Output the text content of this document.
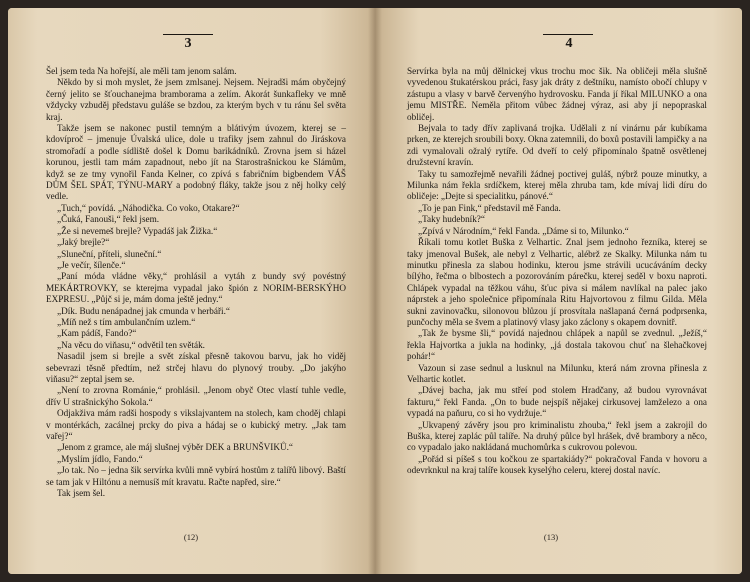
3

Šel jsem teda Na hořejší, ale měli tam jenom salám.

Někdo by si moh myslet, že jsem zmlsanej. Nejsem. Nejradši mám obyčejný černý jelito se šťouchanejma bramborama a zelím. Akorát šunkafleky ve mně vždycky vzbuděj představu guláše se bzdou, za kterým bych v tu ránu šel světa kraj.

Takže jsem se nakonec pustil temným a blátivým úvozem, kterej se – kdovíproč – jmenuje Úvalská ulice, dole u trafiky jsem zahnul do Jiráskova stromořadí a podle sídliště došel k Domu barikádníků. Zrovna jsem si házel korunou, jestli tam mám zapadnout, nebo jít na Starostrašnickou ke Slámům, když se ze tmy vynořil Fanda Kelner, co zpívá s fabričním bigbendem VÁŠ DŮM ŠEL SPÁT, TÝNU-MARY a podobný fláky, takže jsou z něj holky celý vedle.

„Tuch,“ povídá. „Náhodička. Co voko, Otakare?“

„Čuká, Fanouši,“ řekl jsem.

„Že si nevemeš brejle? Vypadáš jak Žižka.“

„Jaký brejle?“

„Sluneční, příteli, sluneční.“

„Je večír, šílenče.“

„Paní móda vládne věky,“ prohlásil a vytáh z bundy svý povéstný MEKÁRTROVKY, se kterejma vypadal jako špión z NORIM-BERSKÝHO EXPRESU. „Půjč si je, mám doma ještě jedny.“

„Dík. Budu nenápadnej jak cmunda v herbáři.“

„Míň než s tím ambulančním uzlem.“

„Kam pádíš, Fando?“

„Na věcu do viňasu,“ odvětil ten světák.

Nasadil jsem si brejle a svět získal přesně takovou barvu, jak ho viděj sebevrazi těsně předtím, než strčej hlavu do plynový trouby. „Do jakýho viňasu?“ zeptal jsem se.

„Není to zrovna Romániе,“ prohlásil. „Jenom obyč Otec vlastí tuhle vedle, dřív U strašnickýho Sokola.“

Odjakživa mám radši hospody s vikslajvantem na stolech, kam choděj chlapi v montérkách, zacálnej prcky do piva a hádaj se o kubický metry. „Jak tam vařej?“

„Jenom z gramce, ale máj slušnej výběr DEK a BRUNŠVIKŮ.“

„Myslím jídlo, Fando.“

„Jo tak. No – jedna šik servírka kvůli mně vybírá hostům z talířů libový. Baští se tam jak v Hiltónu a nemusíš mít kravatu. Račte napřed, sire.“

Tak jsem šel.

(12)
4

Servírka byla na můj dělnickej vkus trochu moc šik. Na obličeji měla slušně vyvedenou štukatérskou práci, řasy jak dráty z deštníku, namísto obočí chlupy v zástupu a vlasy v barvě červenýho hydrovosku. Fanda jí říkal MILUNKO a ona jemu MISTŘE. Neměla přitom vůbec žádnej výraz, asi aby jí nepopraskal obličej.

Bejvala to tady dřív zaplivaná trojka. Udělali z ní vinárnu pár kubíkama prken, ze kterejch sroubili boxy. Okna zatemnili, do boxů postavili lampičky a na zdi vymalovali ožralý rytíře. Od dveří to celý připomínalo špatně osvětlenej družstevní kravín.

Taky tu samozřejmě nevařili žádnej poctivej guláš, nýbrž pouze minutky, a Milunka nám řekla srdíčkem, kterej měla zhruba tam, kde mívaj lidi díru do obličeje: „Dejte si specialitku, pánové.“

„To je pan Fink,“ představil mě Fanda.

„Taky hudebník?“

„Zpívá v Národním,“ řekl Fanda. „Dáme si to, Milunko.“

Říkali tomu kotlet Buška z Velhartic. Znal jsem jednoho řezníka, kterej se taky jmenoval Bušek, ale nebyl z Velhartic, alébrž ze Skalky. Milunka nám tu minutku přinesla za slabou hodinku, kterou jsme strávili ucucáváním decky bílýho, řečma o blbostech a pozorováním párečku, kterej seděl v boxu naproti. Chlápek vypadal na těžkou váhu, šťuc piva si málem navlíkal na palec jako náprstek a jeho společnice připomínala Ritu Hajvortovou z filmu Gilda. Měla sukni zavinovačku, silonovou blůzou jí prosvítala našlapaná černá podprsenka, punčochy měla se švem a platinový vlasy jako záclony s okapem dovnitř.

„Tak že bysme šli,“ povídá najednou chlápek a napůl se zvednul. „Ježíš,“ řekla Hajvortka a jukla na hodinky, „já dostala takovou chuť na šlehačkovej pohár!“

Vazoun si zase sednul a lusknul na Milunku, která nám zrovna přinesla z Velhartic kotlet.

„Dávej bacha, jak mu střeí pod stolem Hradčany, až budou vyrovnávat fakturu,“ řekl Fanda. „On to bude nejspíš nějakej cirkusovej lamželezo a ona vypadá na paňuru, co si ho vydržuje.“

„Ukvapený závěry jsou pro kriminalistu zhouba,“ řekl jsem a zakrojil do Buška, kterej zaplác půl talíře. Na druhý půlce byl hrášek, dvě brambory a něco, co vypadalo jako nakládaná muchomůrka s cukrovou polevou.

„Pořád si píšeš s tou kočkou ze spartakiády?“ pokračoval Fanda v hovoru a odevrknkul na kraj talíře kousek kyselýho celeru, kterej dostal navíc.

(13)
